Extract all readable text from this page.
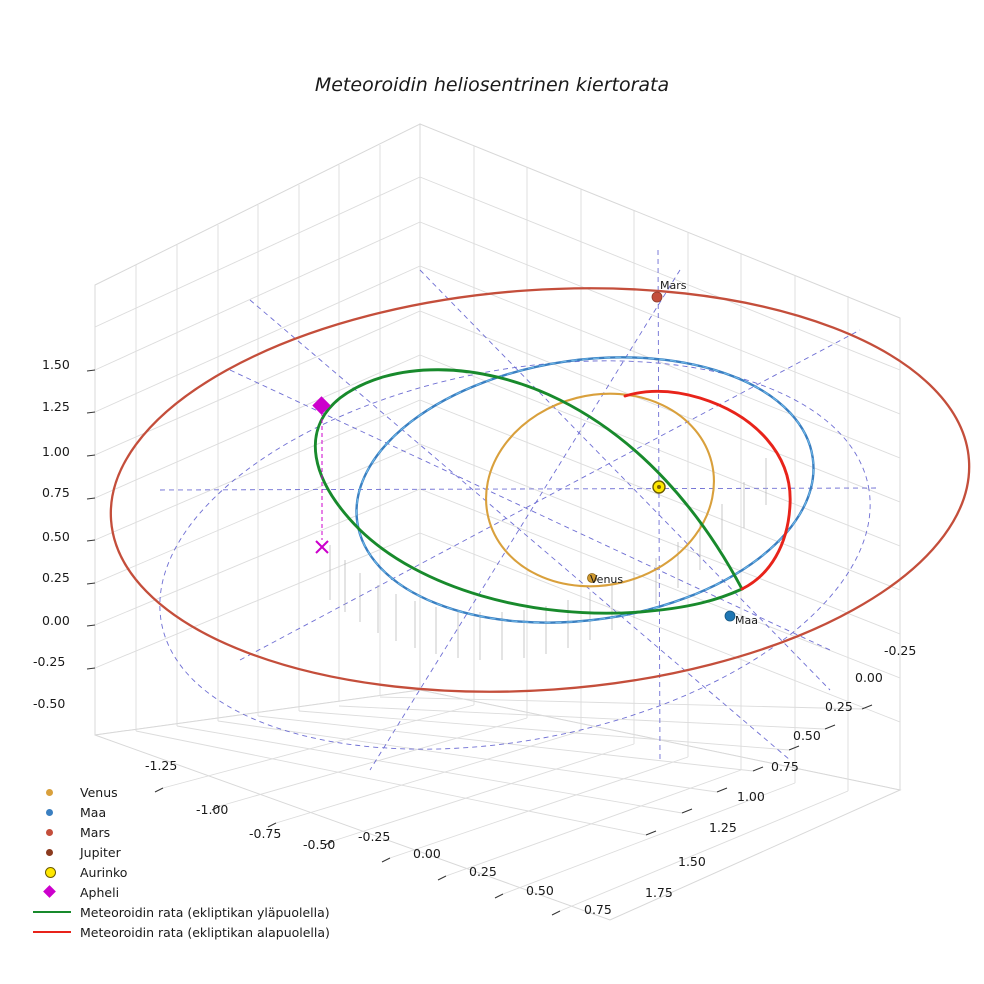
Meteoroidin heliosentrinen kiertorata
-1.25
-1.00
-0.75
-0.50
-0.25
0.00
0.25
0.50
0.75
-0.25
0.00
0.25
0.50
0.75
1.00
1.25
1.50
1.75
1.50
1.25
1.00
0.75
0.50
0.25
0.00
-0.25
-0.50
Mars
Maa
Venus
Venus
Maa
Mars
Jupiter
Aurinko
Apheli
Meteoroidin rata (ekliptikan yläpuolella)
Meteoroidin rata (ekliptikan alapuolella)
